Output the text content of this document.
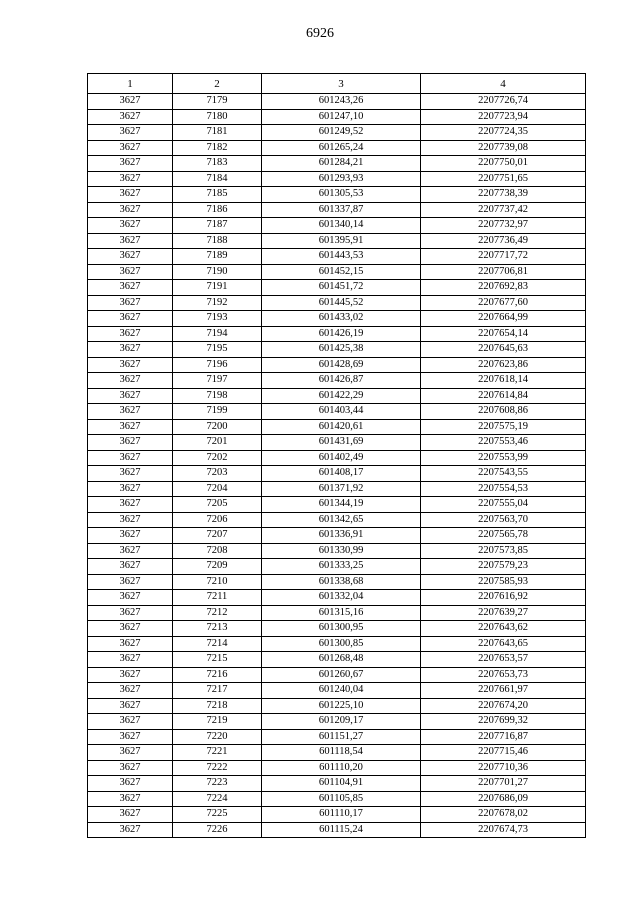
6926
1	2	3	4
3627	7179	601243,26	2207726,74
3627	7180	601247,10	2207723,94
3627	7181	601249,52	2207724,35
3627	7182	601265,24	2207739,08
3627	7183	601284,21	2207750,01
3627	7184	601293,93	2207751,65
3627	7185	601305,53	2207738,39
3627	7186	601337,87	2207737,42
3627	7187	601340,14	2207732,97
3627	7188	601395,91	2207736,49
3627	7189	601443,53	2207717,72
3627	7190	601452,15	2207706,81
3627	7191	601451,72	2207692,83
3627	7192	601445,52	2207677,60
3627	7193	601433,02	2207664,99
3627	7194	601426,19	2207654,14
3627	7195	601425,38	2207645,63
3627	7196	601428,69	2207623,86
3627	7197	601426,87	2207618,14
3627	7198	601422,29	2207614,84
3627	7199	601403,44	2207608,86
3627	7200	601420,61	2207575,19
3627	7201	601431,69	2207553,46
3627	7202	601402,49	2207553,99
3627	7203	601408,17	2207543,55
3627	7204	601371,92	2207554,53
3627	7205	601344,19	2207555,04
3627	7206	601342,65	2207563,70
3627	7207	601336,91	2207565,78
3627	7208	601330,99	2207573,85
3627	7209	601333,25	2207579,23
3627	7210	601338,68	2207585,93
3627	7211	601332,04	2207616,92
3627	7212	601315,16	2207639,27
3627	7213	601300,95	2207643,62
3627	7214	601300,85	2207643,65
3627	7215	601268,48	2207653,57
3627	7216	601260,67	2207653,73
3627	7217	601240,04	2207661,97
3627	7218	601225,10	2207674,20
3627	7219	601209,17	2207699,32
3627	7220	601151,27	2207716,87
3627	7221	601118,54	2207715,46
3627	7222	601110,20	2207710,36
3627	7223	601104,91	2207701,27
3627	7224	601105,85	2207686,09
3627	7225	601110,17	2207678,02
3627	7226	601115,24	2207674,73
